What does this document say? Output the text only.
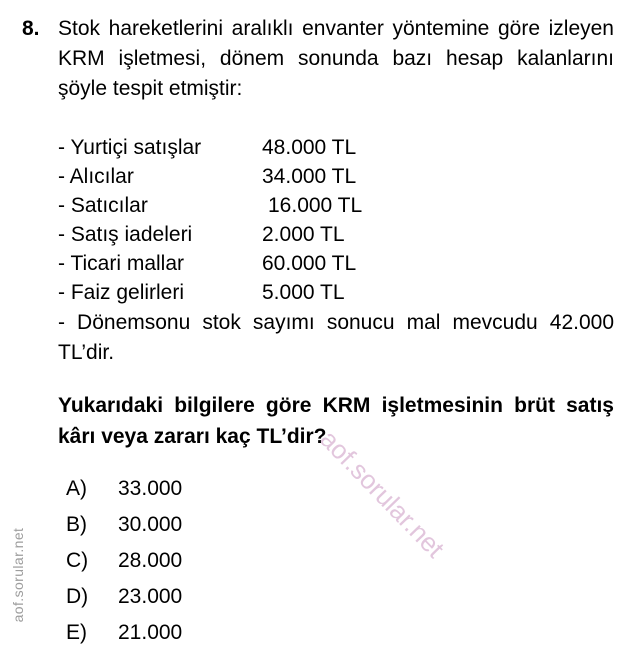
8. Stok hareketlerini aralıklı envanter yöntemine göre izleyen KRM işletmesi, dönem sonunda bazı hesap kalanlarını şöyle tespit etmiştir:
- Yurtiçi satışlar	48.000 TL
- Alıcılar	34.000 TL
- Satıcılar	16.000 TL
- Satış iadeleri	2.000 TL
- Ticari mallar	60.000 TL
- Faiz gelirleri	5.000 TL
- Dönemsonu stok sayımı sonucu mal mevcudu 42.000 TL’dir.
Yukarıdaki bilgilere göre KRM işletmesinin brüt satış kârı veya zararı kaç TL’dir?
A) 33.000
B) 30.000
C) 28.000
D) 23.000
E) 21.000
aof.sorular.net
aof.sorular.net
